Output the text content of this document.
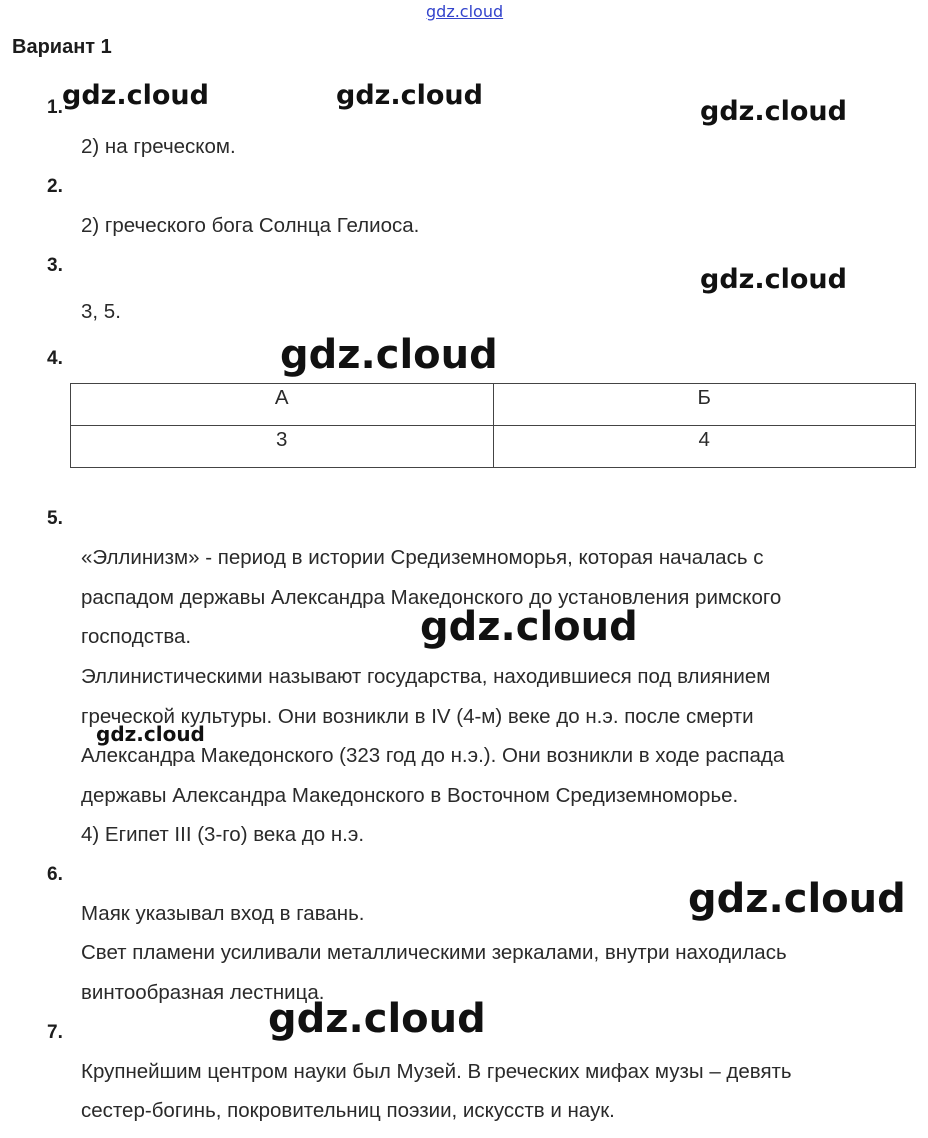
gdz.cloud
Вариант 1
1.
2) на греческом.
2.
2) греческого бога Солнца Гелиоса.
3.
3, 5.
4.
А	Б
3	4
5.
«Эллинизм» - период в истории Средиземноморья, которая началась с
распадом державы Александра Македонского до установления римского
господства.
Эллинистическими называют государства, находившиеся под влиянием
греческой культуры. Они возникли в IV (4-м) веке до н.э. после смерти
Александра Македонского (323 год до н.э.). Они возникли в ходе распада
державы Александра Македонского в Восточном Средиземноморье.
4) Египет III (3-го) века до н.э.
6.
Маяк указывал вход в гавань.
Свет пламени усиливали металлическими зеркалами, внутри находилась
винтообразная лестница.
7.
Крупнейшим центром науки был Музей. В греческих мифах музы – девять
сестер-богинь, покровительниц поэзии, искусств и наук.
gdz.cloud	gdz.cloud
gdz.cloud
gdz.cloud
gdz.cloud
gdz.cloud
gdz.cloud
gdz.cloud
gdz.cloud
